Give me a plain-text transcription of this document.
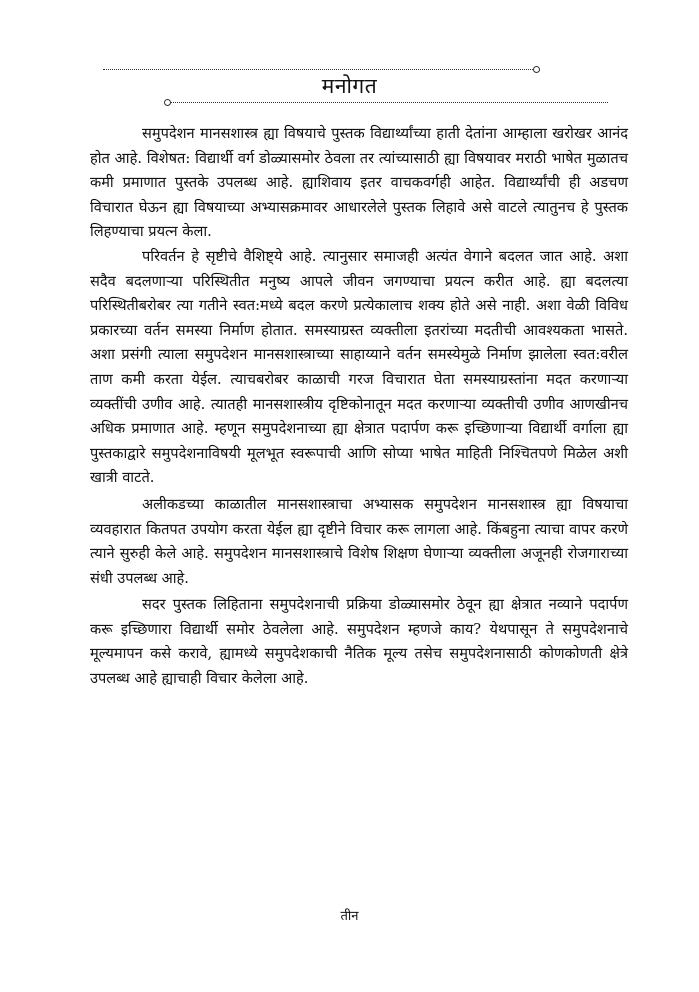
मनोगत

समुपदेशन मानसशास्त्र ह्या विषयाचे पुस्तक विद्यार्थ्यांच्या हाती देतांना आम्हाला खरोखर आनंद होत आहे. विशेषत: विद्यार्थी वर्ग डोळ्यासमोर ठेवला तर त्यांच्यासाठी ह्या विषयावर मराठी भाषेत मुळातच कमी प्रमाणात पुस्तके उपलब्ध आहे. ह्याशिवाय इतर वाचकवर्गही आहेत. विद्यार्थ्यांची ही अडचण विचारात घेऊन ह्या विषयाच्या अभ्यासक्रमावर आधारलेले पुस्तक लिहावे असे वाटले त्यातुनच हे पुस्तक लिहण्याचा प्रयत्न केला.

परिवर्तन हे सृष्टीचे वैशिष्ट्ये आहे. त्यानुसार समाजही अत्यंत वेगाने बदलत जात आहे. अशा सदैव बदलणाऱ्या परिस्थितीत मनुष्य आपले जीवन जगण्याचा प्रयत्न करीत आहे. ह्या बदलत्या परिस्थितीबरोबर त्या गतीने स्वत:मध्ये बदल करणे प्रत्येकालाच शक्य होते असे नाही. अशा वेळी विविध प्रकारच्या वर्तन समस्या निर्माण होतात. समस्याग्रस्त व्यक्तीला इतरांच्या मदतीची आवश्यकता भासते. अशा प्रसंगी त्याला समुपदेशन मानसशास्त्राच्या साहाय्याने वर्तन समस्येमुळे निर्माण झालेला स्वत:वरील ताण कमी करता येईल. त्याचबरोबर काळाची गरज विचारात घेता समस्याग्रस्तांना मदत करणाऱ्या व्यक्तींची उणीव आहे. त्यातही मानसशास्त्रीय दृष्टिकोनातून मदत करणाऱ्या व्यक्तीची उणीव आणखीनच अधिक प्रमाणात आहे. म्हणून समुपदेशनाच्या ह्या क्षेत्रात पदार्पण करू इच्छिणाऱ्या विद्यार्थी वर्गाला ह्या पुस्तकाद्वारे समुपदेशनाविषयी मूलभूत स्वरूपाची आणि सोप्या भाषेत माहिती निश्चितपणे मिळेल अशी खात्री वाटते.

अलीकडच्या काळातील मानसशास्त्राचा अभ्यासक समुपदेशन मानसशास्त्र ह्या विषयाचा व्यवहारात कितपत उपयोग करता येईल ह्या दृष्टीने विचार करू लागला आहे. किंबहुना त्याचा वापर करणे त्याने सुरुही केले आहे. समुपदेशन मानसशास्त्राचे विशेष शिक्षण घेणाऱ्या व्यक्तीला अजूनही रोजगाराच्या संधी उपलब्ध आहे.

सदर पुस्तक लिहिताना समुपदेशनाची प्रक्रिया डोळ्यासमोर ठेवून ह्या क्षेत्रात नव्याने पदार्पण करू इच्छिणारा विद्यार्थी समोर ठेवलेला आहे. समुपदेशन म्हणजे काय? येथपासून ते समुपदेशनाचे मूल्यमापन कसे करावे, ह्यामध्ये समुपदेशकाची नैतिक मूल्य तसेच समुपदेशनासाठी कोणकोणती क्षेत्रे उपलब्ध आहे ह्याचाही विचार केलेला आहे.

तीन
